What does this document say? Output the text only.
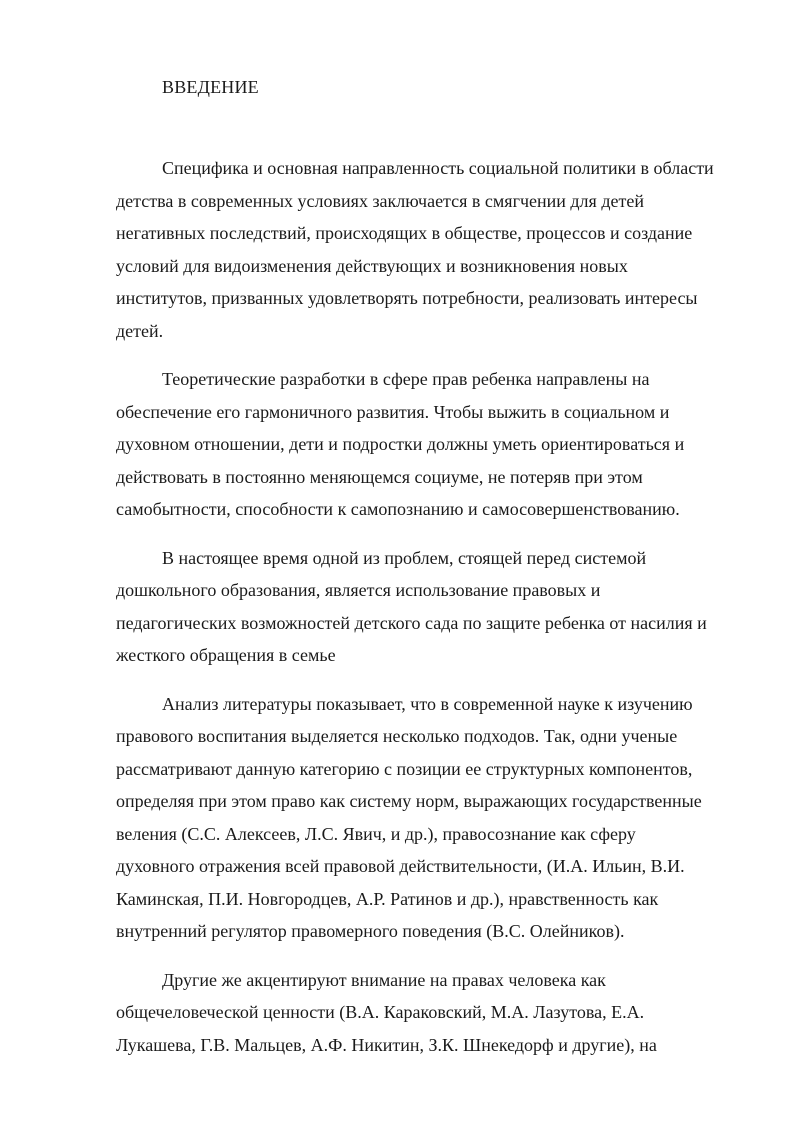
ВВЕДЕНИЕ

Специфика и основная направленность социальной политики в области
детства в современных условиях заключается в смягчении для детей
негативных последствий, происходящих в обществе, процессов и создание
условий для видоизменения действующих и возникновения новых
институтов, призванных удовлетворять потребности, реализовать интересы
детей.

Теоретические разработки в сфере прав ребенка направлены на
обеспечение его гармоничного развития. Чтобы выжить в социальном и
духовном отношении, дети и подростки должны уметь ориентироваться и
действовать в постоянно меняющемся социуме, не потеряв при этом
самобытности, способности к самопознанию и самосовершенствованию.

В настоящее время одной из проблем, стоящей перед системой
дошкольного образования, является использование правовых и
педагогических возможностей детского сада по защите ребенка от насилия и
жесткого обращения в семье

Анализ литературы показывает, что в современной науке к изучению
правового воспитания выделяется несколько подходов. Так, одни ученые
рассматривают данную категорию с позиции ее структурных компонентов,
определяя при этом право как систему норм, выражающих государственные
веления (С.С. Алексеев, Л.С. Явич, и др.), правосознание как сферу
духовного отражения всей правовой действительности, (И.А. Ильин, В.И.
Каминская, П.И. Новгородцев, А.Р. Ратинов и др.), нравственность как
внутренний регулятор правомерного поведения (В.С. Олейников).

Другие же акцентируют внимание на правах человека как
общечеловеческой ценности (В.А. Караковский, М.А. Лазутова, Е.А.
Лукашева, Г.В. Мальцев, А.Ф. Никитин, З.К. Шнекедорф и другие), на
